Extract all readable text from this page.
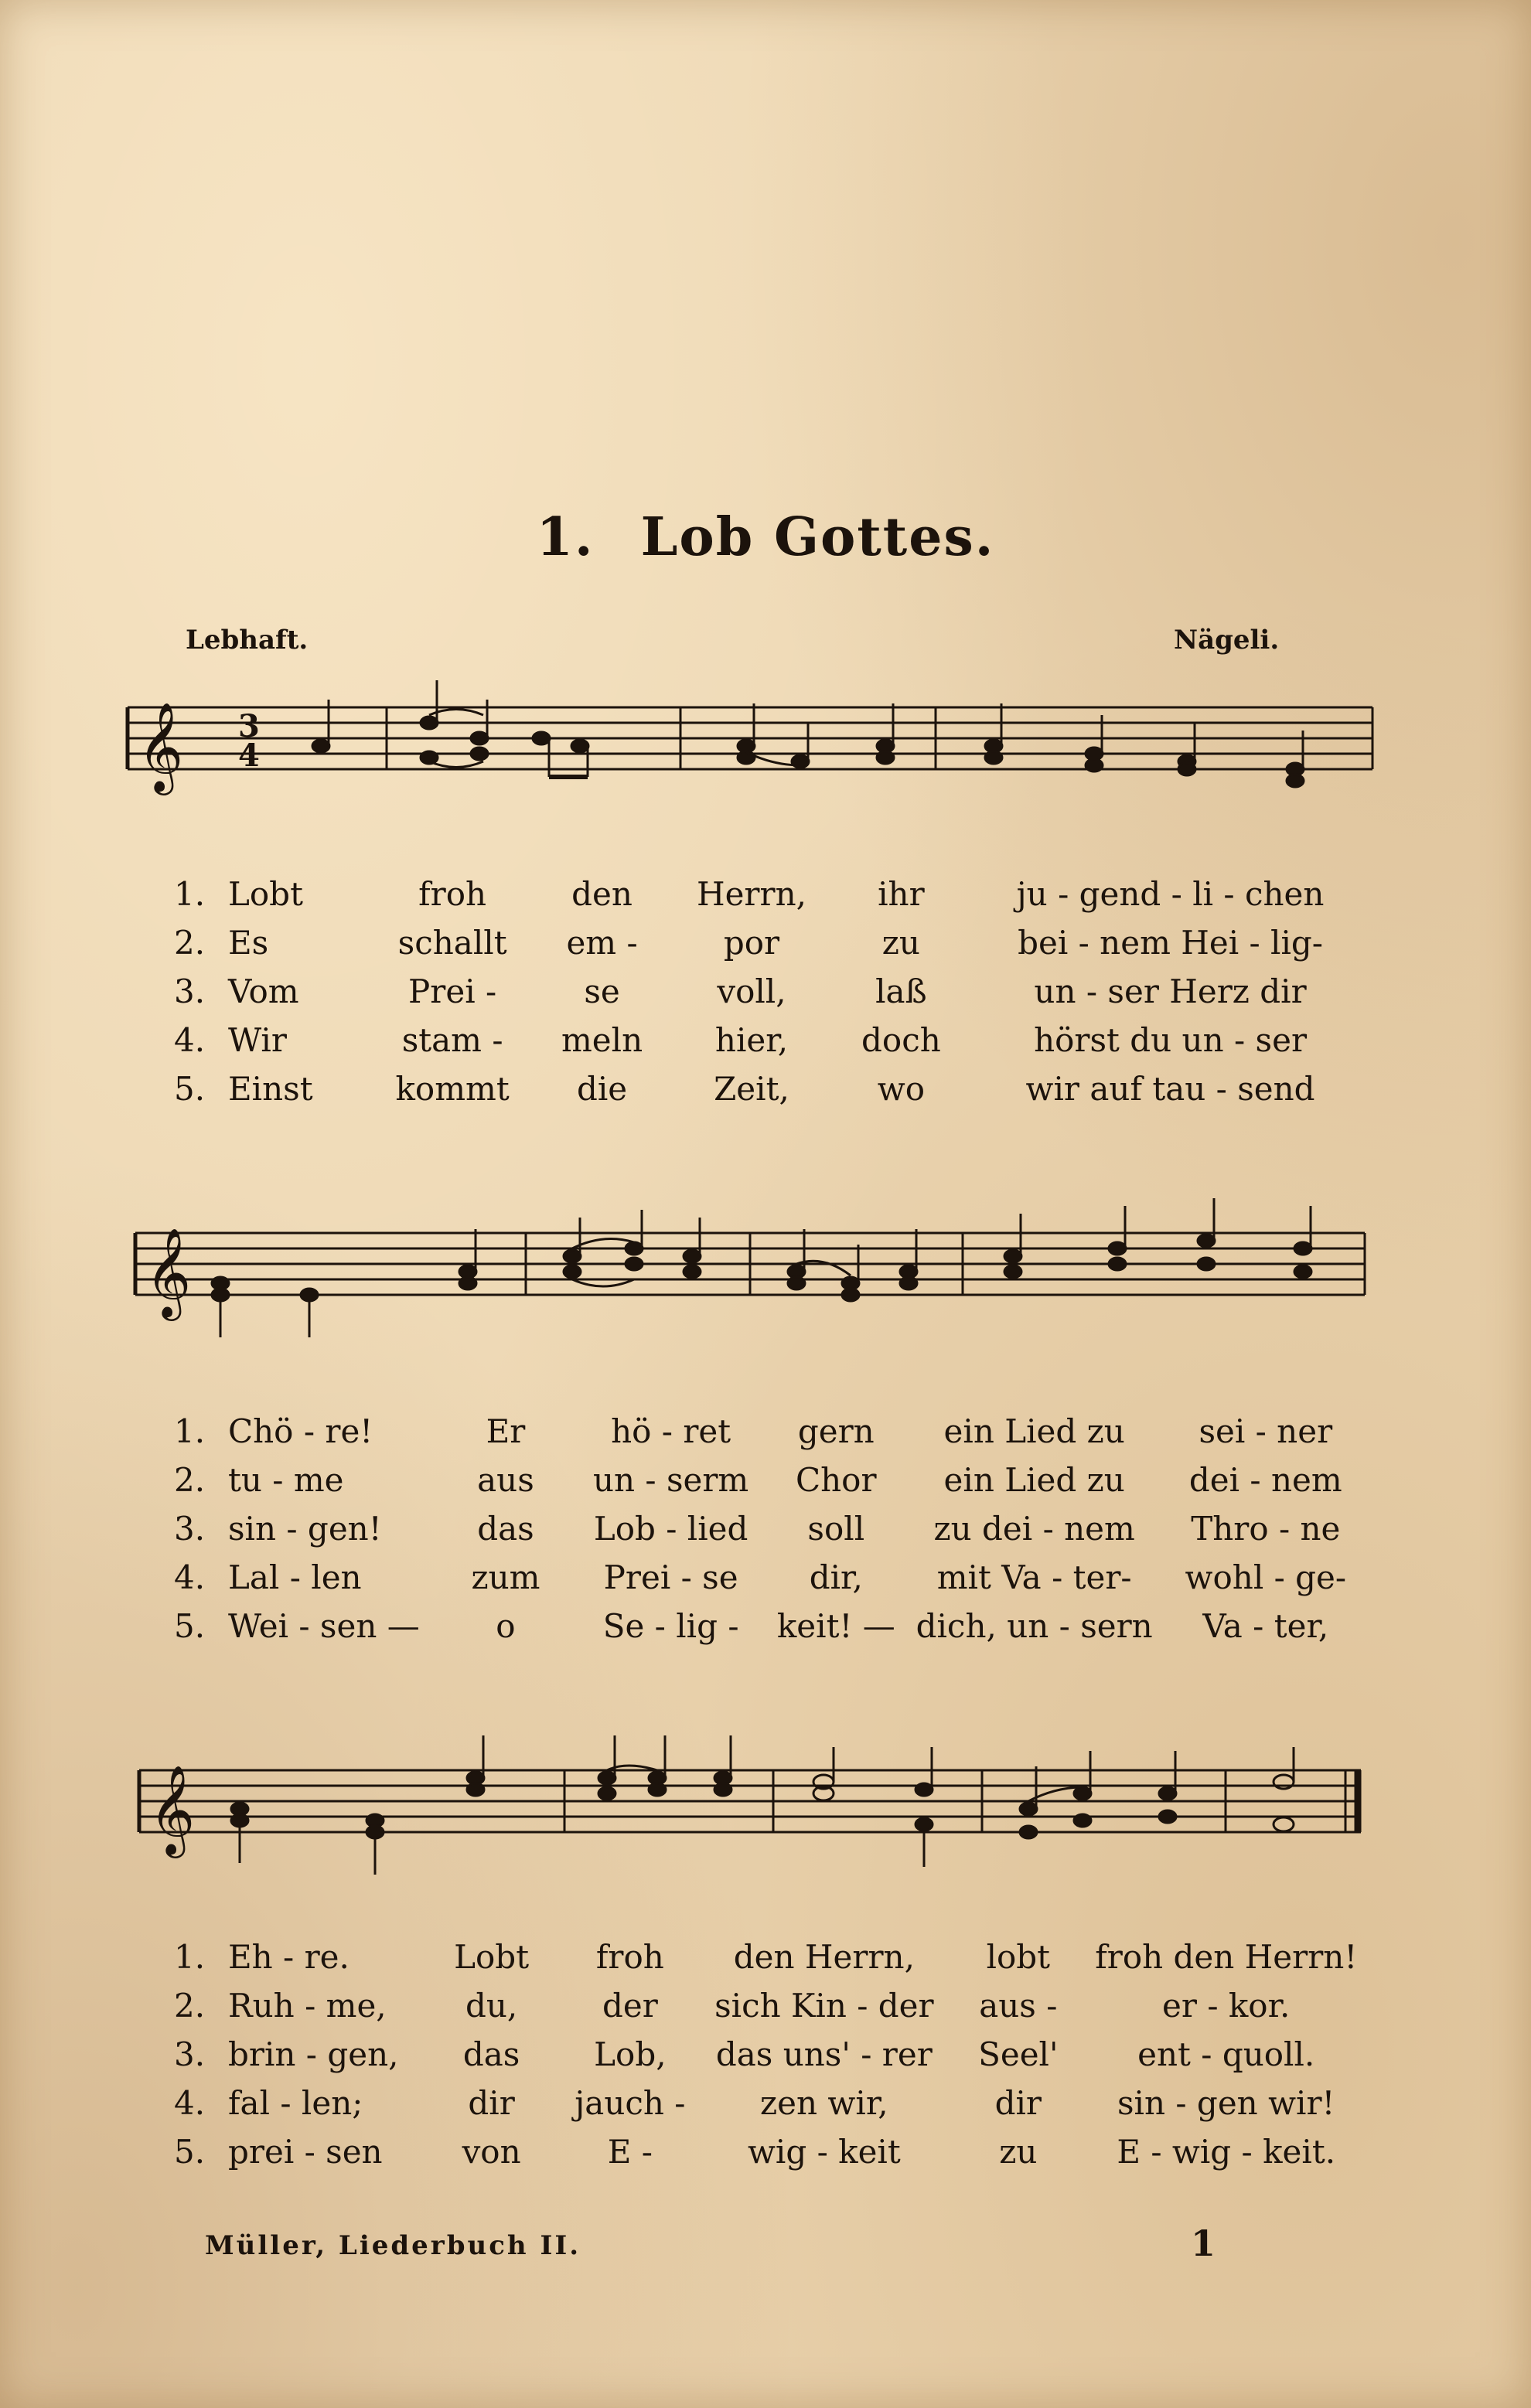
1. Lob Gottes.
Lebhaft.	Nägeli.
𝄞 3
4
1. Lobt	froh	den	Herrn,	ihr	ju - gend - li - chen
2. Es	schallt	em -	por	zu	bei - nem Hei - lig-
3. Vom	Prei -	se	voll,	laß	un - ser Herz dir
4. Wir	stam -	meln	hier,	doch	hörst du un - ser
5. Einst	kommt	die	Zeit,	wo	wir auf tau - send
𝄞
1. Chö - re!	Er	hö - ret	gern	ein Lied zu	sei - ner
2. tu - me	aus	un - serm	Chor	ein Lied zu	dei - nem
3. sin - gen!	das	Lob - lied	soll	zu dei - nem	Thro - ne
4. Lal - len	zum	Prei - se	dir,	mit Va - ter-	wohl - ge-
5. Wei - sen —	o	Se - lig -	keit! — dich, un - sern	Va - ter,
𝄞
1. Eh - re.	Lobt	froh	den Herrn,	lobt	froh den Herrn!
2. Ruh - me,	du,	der	sich Kin - der	aus -	er - kor.
3. brin - gen,	das	Lob,	das uns' - rer	Seel'	ent - quoll.
4. fal - len;	dir	jauch -	zen wir,	dir	sin - gen wir!
5. prei - sen	von	E -	wig - keit	zu	E - wig - keit.
Müller, Liederbuch II.	1
